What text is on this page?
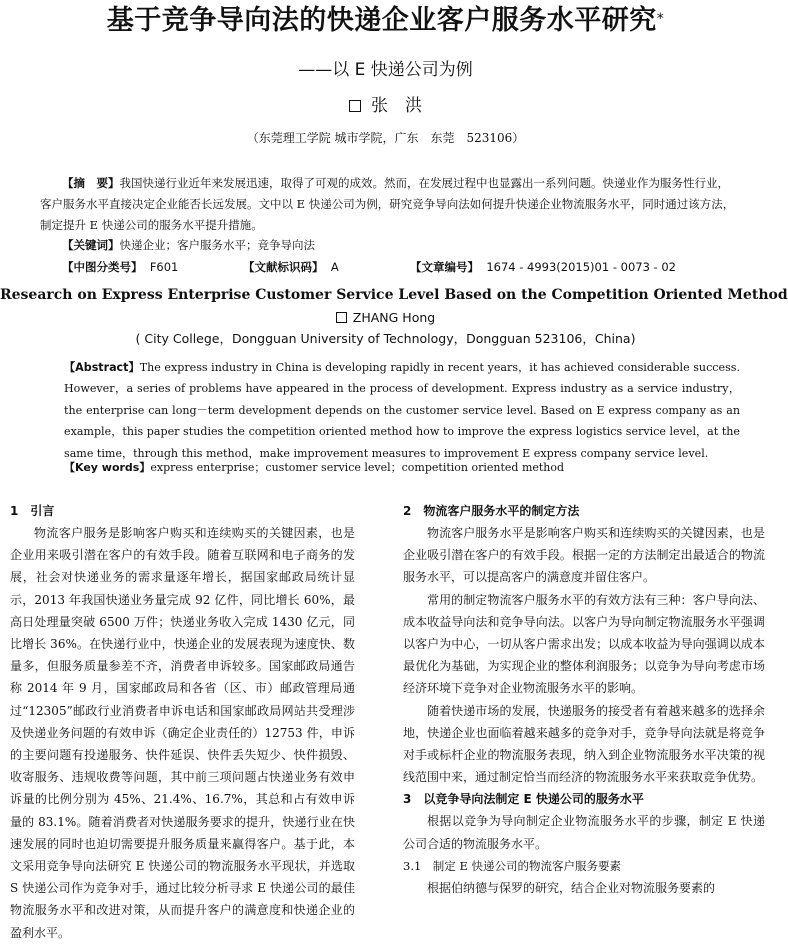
基于竞争导向法的快递企业客户服务水平研究*
——以 E 快递公司为例
张　洪
（东莞理工学院 城市学院，广东　东莞　523106）

【摘　要】我国快递行业近年来发展迅速，取得了可观的成效。然而，在发展过程中也显露出一系列问题。快递业作为服务性行业，客户服务水平直接决定企业能否长远发展。文中以 E 快递公司为例，研究竞争导向法如何提升快递企业物流服务水平，同时通过该方法，制定提升 E 快递公司的服务水平提升措施。

【关键词】快递企业；客户服务水平；竞争导向法
【中图分类号】 F601	【文献标识码】 A	【文章编号】 1674 - 4993(2015)01 - 0073 - 02
Research on Express Enterprise Customer Service Level Based on the Competition Oriented Method
ZHANG Hong
( City College，Dongguan University of Technology，Dongguan 523106，China)
【Abstract】The express industry in China is developing rapidly in recent years，it has achieved considerable success. However，a series of problems have appeared in the process of development. Express industry as a service industry，the enterprise can long－term development depends on the customer service level. Based on E express company as an example，this paper studies the competition oriented method how to improve the express logistics service level，at the same time，through this method，make improvement measures to improvement E express company service level.
【Key words】express enterprise；customer service level；competition oriented method
1　引言

物流客户服务是影响客户购买和连续购买的关键因素，也是企业用来吸引潜在客户的有效手段。随着互联网和电子商务的发展，社会对快递业务的需求量逐年增长，据国家邮政局统计显示，2013 年我国快递业务量完成 92 亿件，同比增长 60%，最高日处理量突破 6500 万件；快递业务收入完成 1430 亿元，同比增长 36%。在快递行业中，快递企业的发展表现为速度快、数量多，但服务质量参差不齐，消费者申诉较多。国家邮政局通告称 2014 年 9 月，国家邮政局和各省（区、市）邮政管理局通过“12305”邮政行业消费者申诉电话和国家邮政局网站共受理涉及快递业务问题的有效申诉（确定企业责任的）12753 件，申诉的主要问题有投递服务、快件延误、快件丢失短少、快件损毁、收寄服务、违规收费等问题，其中前三项问题占快递业务有效申诉量的比例分别为 45%、21.4%、16.7%，其总和占有效申诉量的 83.1%。随着消费者对快递服务要求的提升，快递行业在快速发展的同时也迫切需要提升服务质量来赢得客户。基于此，本文采用竞争导向法研究 E 快递公司的物流服务水平现状，并选取 S 快递公司作为竞争对手，通过比较分析寻求 E 快递公司的最佳物流服务水平和改进对策，从而提升客户的满意度和快递企业的盈利水平。

2　物流客户服务水平的制定方法

物流客户服务水平是影响客户购买和连续购买的关键因素，也是企业吸引潜在客户的有效手段。根据一定的方法制定出最适合的物流服务水平，可以提高客户的满意度并留住客户。

常用的制定物流客户服务水平的有效方法有三种：客户导向法、成本收益导向法和竞争导向法。以客户为导向制定物流服务水平强调以客户为中心，一切从客户需求出发；以成本收益为导向强调以成本最优化为基础，为实现企业的整体利润服务；以竞争为导向考虑市场经济环境下竞争对企业物流服务水平的影响。

随着快递市场的发展，快递服务的接受者有着越来越多的选择余地，快递企业也面临着越来越多的竞争对手，竞争导向法就是将竞争对手或标杆企业的物流服务表现，纳入到企业物流服务水平决策的视线范围中来，通过制定恰当而经济的物流服务水平来获取竞争优势。

3　以竞争导向法制定 E 快递公司的服务水平

根据以竞争为导向制定企业物流服务水平的步骤，制定 E 快递公司合适的物流服务水平。

3.1　制定 E 快递公司的物流客户服务要素

根据伯纳德与保罗的研究，结合企业对物流服务要素的
